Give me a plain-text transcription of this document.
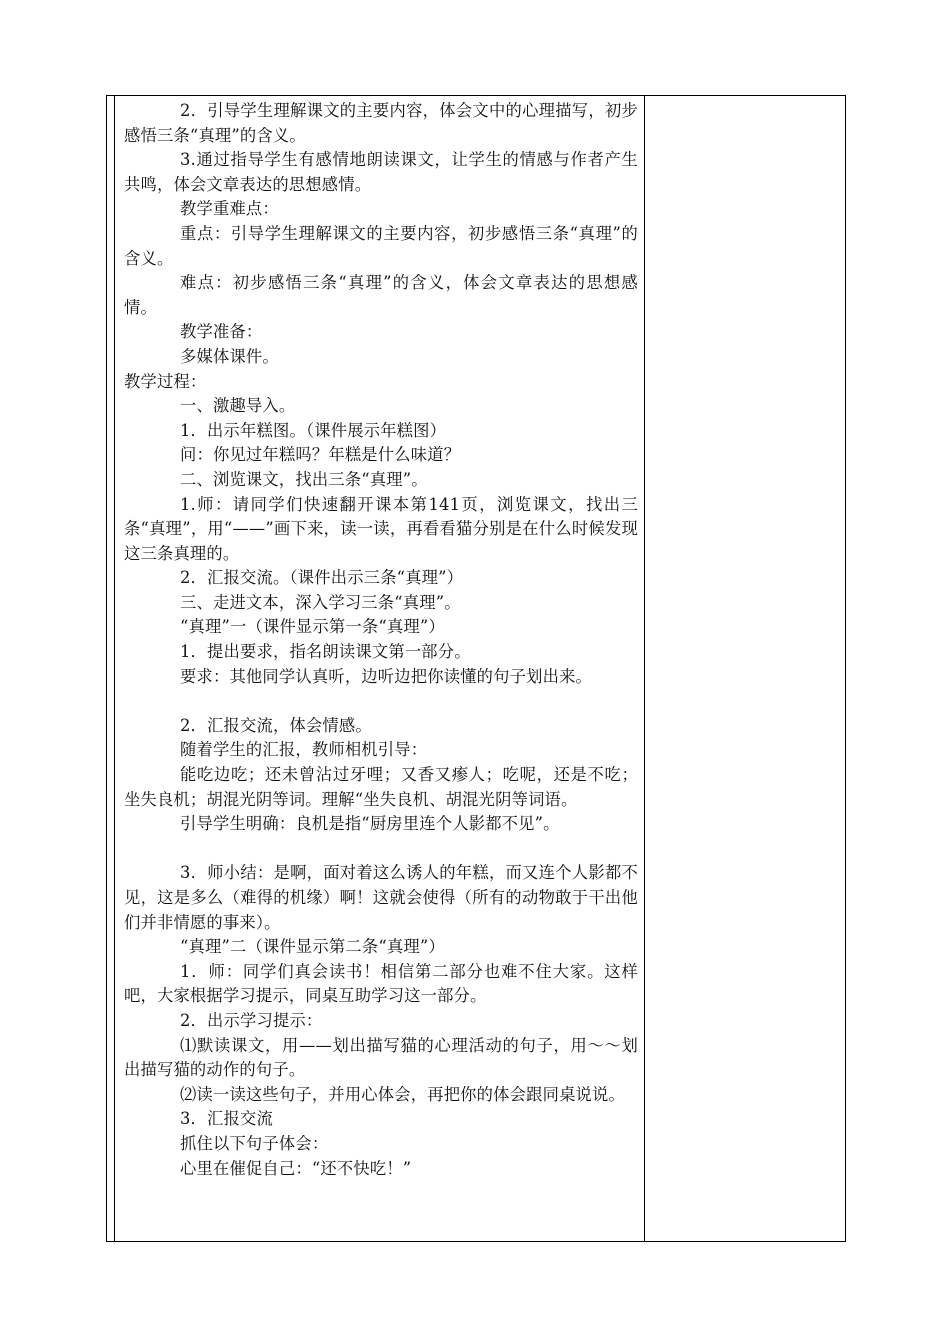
2．引导学生理解课文的主要内容，体会文中的心理描写，初步感悟三条“真理”的含义。

3.通过指导学生有感情地朗读课文，让学生的情感与作者产生共鸣，体会文章表达的思想感情。

教学重难点：

重点：引导学生理解课文的主要内容，初步感悟三条“真理”的含义。

难点：初步感悟三条“真理”的含义，体会文章表达的思想感情。

教学准备：

多媒体课件。

教学过程：

一、激趣导入。

1．出示年糕图。（课件展示年糕图）

问：你见过年糕吗？年糕是什么味道？

二、浏览课文，找出三条“真理”。

1.师：请同学们快速翻开课本第141页，浏览课文，找出三条“真理”，用“——”画下来，读一读，再看看猫分别是在什么时候发现这三条真理的。

2．汇报交流。（课件出示三条“真理”）

三、走进文本，深入学习三条“真理”。

“真理”一（课件显示第一条“真理”）

1．提出要求，指名朗读课文第一部分。

要求：其他同学认真听，边听边把你读懂的句子划出来。

2．汇报交流，体会情感。

随着学生的汇报，教师相机引导：

能吃边吃；还未曾沾过牙哩；又香又瘆人；吃呢，还是不吃；坐失良机；胡混光阴等词。理解“坐失良机、胡混光阴等词语。

引导学生明确：良机是指“厨房里连个人影都不见”。

3．师小结：是啊，面对着这么诱人的年糕，而又连个人影都不见，这是多么（难得的机缘）啊！这就会使得（所有的动物敢于干出他们并非情愿的事来）。

“真理”二（课件显示第二条“真理”）

1．师：同学们真会读书！相信第二部分也难不住大家。这样吧，大家根据学习提示，同桌互助学习这一部分。

2．出示学习提示：

⑴默读课文，用——划出描写猫的心理活动的句子，用～～划出描写猫的动作的句子。

⑵读一读这些句子，并用心体会，再把你的体会跟同桌说说。

3．汇报交流

抓住以下句子体会：

心里在催促自己：“还不快吃！”
